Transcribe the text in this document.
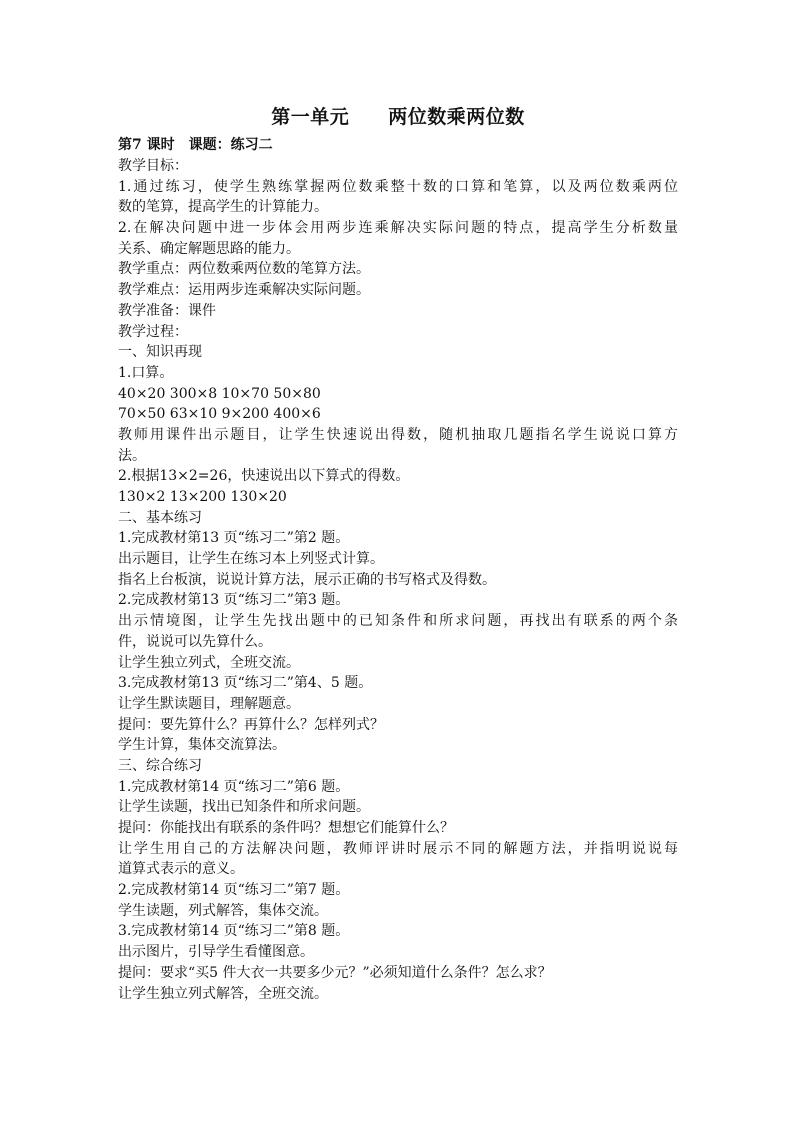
第一单元　　两位数乘两位数
第7 课时　课题：练习二
教学目标：
1.通过练习，使学生熟练掌握两位数乘整十数的口算和笔算，以及两位数乘两位
数的笔算，提高学生的计算能力。
2.在解决问题中进一步体会用两步连乘解决实际问题的特点，提高学生分析数量
关系、确定解题思路的能力。
教学重点：两位数乘两位数的笔算方法。
教学难点：运用两步连乘解决实际问题。
教学准备：课件
教学过程：
一、知识再现
1.口算。
40×20 300×8 10×70 50×80
70×50 63×10 9×200 400×6
教师用课件出示题目，让学生快速说出得数，随机抽取几题指名学生说说口算方
法。
2.根据13×2=26，快速说出以下算式的得数。
130×2 13×200 130×20
二、基本练习
1.完成教材第13 页“练习二”第2 题。
出示题目，让学生在练习本上列竖式计算。
指名上台板演，说说计算方法，展示正确的书写格式及得数。
2.完成教材第13 页“练习二”第3 题。
出示情境图，让学生先找出题中的已知条件和所求问题，再找出有联系的两个条
件，说说可以先算什么。
让学生独立列式，全班交流。
3.完成教材第13 页“练习二”第4、5 题。
让学生默读题目，理解题意。
提问：要先算什么？再算什么？怎样列式？
学生计算，集体交流算法。
三、综合练习
1.完成教材第14 页“练习二”第6 题。
让学生读题，找出已知条件和所求问题。
提问：你能找出有联系的条件吗？想想它们能算什么？
让学生用自己的方法解决问题，教师评讲时展示不同的解题方法，并指明说说每
道算式表示的意义。
2.完成教材第14 页“练习二”第7 题。
学生读题，列式解答，集体交流。
3.完成教材第14 页“练习二”第8 题。
出示图片，引导学生看懂图意。
提问：要求“买5 件大衣一共要多少元？”必须知道什么条件？怎么求？
让学生独立列式解答，全班交流。
